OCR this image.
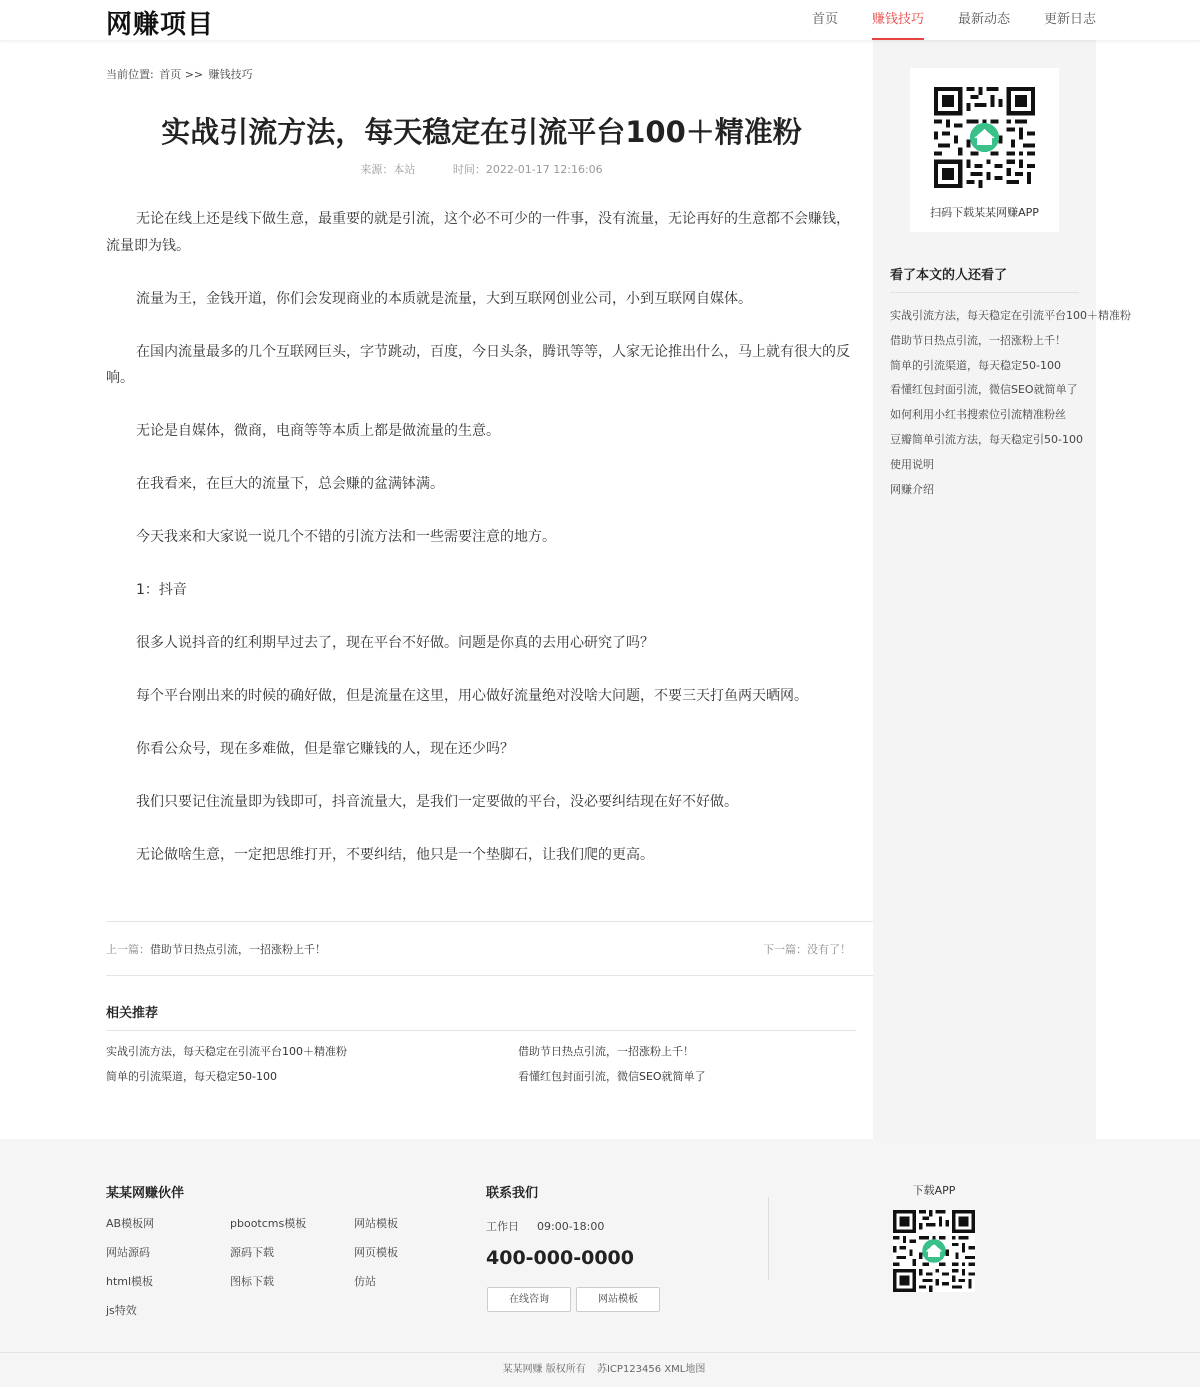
网赚项目	首页	赚钱技巧	最新动态	更新日志
当前位置: 首页 >> 赚钱技巧
实战引流方法，每天稳定在引流平台100＋精准粉
来源：本站	时间：2022-01-17 12:16:06

无论在线上还是线下做生意，最重要的就是引流，这个必不可少的一件事，没有流量，无论再好的生意都不会赚钱，流量即为钱。

流量为王，金钱开道，你们会发现商业的本质就是流量，大到互联网创业公司，小到互联网自媒体。

在国内流量最多的几个互联网巨头，字节跳动，百度，今日头条，腾讯等等，人家无论推出什么，马上就有很大的反响。

无论是自媒体，微商，电商等等本质上都是做流量的生意。

在我看来，在巨大的流量下，总会赚的盆满钵满。

今天我来和大家说一说几个不错的引流方法和一些需要注意的地方。

1：抖音

很多人说抖音的红利期早过去了，现在平台不好做。问题是你真的去用心研究了吗？

每个平台刚出来的时候的确好做，但是流量在这里，用心做好流量绝对没啥大问题，不要三天打鱼两天晒网。

你看公众号，现在多难做，但是靠它赚钱的人，现在还少吗？

我们只要记住流量即为钱即可，抖音流量大，是我们一定要做的平台，没必要纠结现在好不好做。

无论做啥生意，一定把思维打开，不要纠结，他只是一个垫脚石，让我们爬的更高。

上一篇：借助节日热点引流，一招涨粉上千！	下一篇：没有了！
相关推荐
实战引流方法，每天稳定在引流平台100＋精准粉	借助节日热点引流，一招涨粉上千！
简单的引流渠道，每天稳定50-100	看懂红包封面引流，微信SEO就简单了
扫码下载某某网赚APP
看了本文的人还看了
实战引流方法，每天稳定在引流平台100＋精准粉
借助节日热点引流，一招涨粉上千！
简单的引流渠道，每天稳定50-100
看懂红包封面引流，微信SEO就简单了
如何利用小红书搜索位引流精准粉丝
豆瓣简单引流方法，每天稳定引50-100
使用说明
网赚介绍
某某网赚伙伴
AB模板网	pbootcms模板	网站模板
网站源码	源码下载	网页模板
html模板	图标下载	仿站
js特效
联系我们
工作日 09:00-18:00
400-000-0000
在线咨询	网站模板
下载APP
某某网赚 版权所有 苏ICP123456 XML地图
